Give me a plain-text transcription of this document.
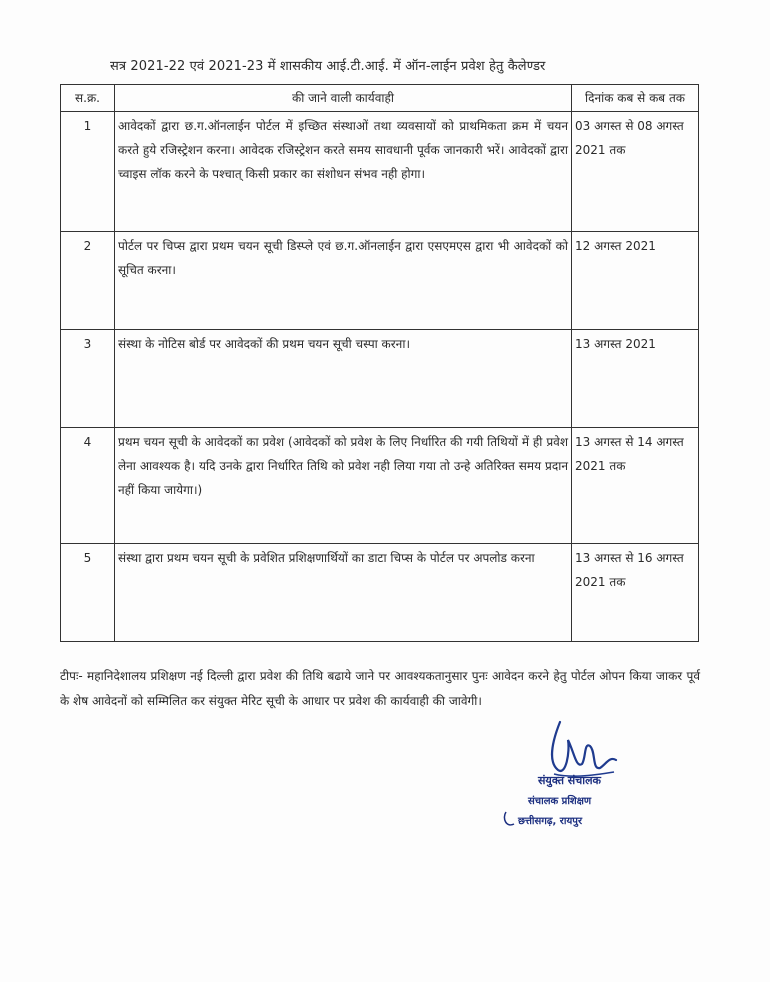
सत्र 2021-22 एवं 2021-23 में शासकीय आई.टी.आई. में ऑन-लाईन प्रवेश हेतु कैलेण्डर
स.क्र.	की जाने वाली कार्यवाही	दिनांक कब से कब तक
1	आवेदकों द्वारा छ.ग.ऑनलाईन पोर्टल में इच्छित संस्थाओं तथा व्यवसायों को प्राथमिकता क्रम में चयन करते हुये रजिस्ट्रेशन करना। आवेदक रजिस्ट्रेशन करते समय सावधानी पूर्वक जानकारी भरें। आवेदकों द्वारा च्वाइस लॉक करने के पश्चात् किसी प्रकार का संशोधन संभव नही होगा।	03 अगस्त से 08 अगस्त 2021 तक
2	पोर्टल पर चिप्स द्वारा प्रथम चयन सूची डिस्प्ले एवं छ.ग.ऑनलाईन द्वारा एसएमएस द्वारा भी आवेदकों को सूचित करना।	12 अगस्त 2021
3	संस्था के नोटिस बोर्ड पर आवेदकों की प्रथम चयन सूची चस्पा करना।	13 अगस्त 2021
4	प्रथम चयन सूची के आवेदकों का प्रवेश (आवेदकों को प्रवेश के लिए निर्धारित की गयी तिथियों में ही प्रवेश लेना आवश्यक है। यदि उनके द्वारा निर्धारित तिथि को प्रवेश नही लिया गया तो उन्हे अतिरिक्त समय प्रदान नहीं किया जायेगा।)	13 अगस्त से 14 अगस्त 2021 तक
5	संस्था द्वारा प्रथम चयन सूची के प्रवेशित प्रशिक्षणार्थियों का डाटा चिप्स के पोर्टल पर अपलोड करना	13 अगस्त से 16 अगस्त 2021 तक
टीपः- महानिदेशालय प्रशिक्षण नई दिल्ली द्वारा प्रवेश की तिथि बढाये जाने पर आवश्यकतानुसार पुनः आवेदन करने हेतु पोर्टल ओपन किया जाकर पूर्व के शेष आवेदनों को सम्मिलित कर संयुक्त मेरिट सूची के आधार पर प्रवेश की कार्यवाही की जावेगी।
संयुक्त संचालक
संचालक प्रशिक्षण
छत्तीसगढ़, रायपुर
